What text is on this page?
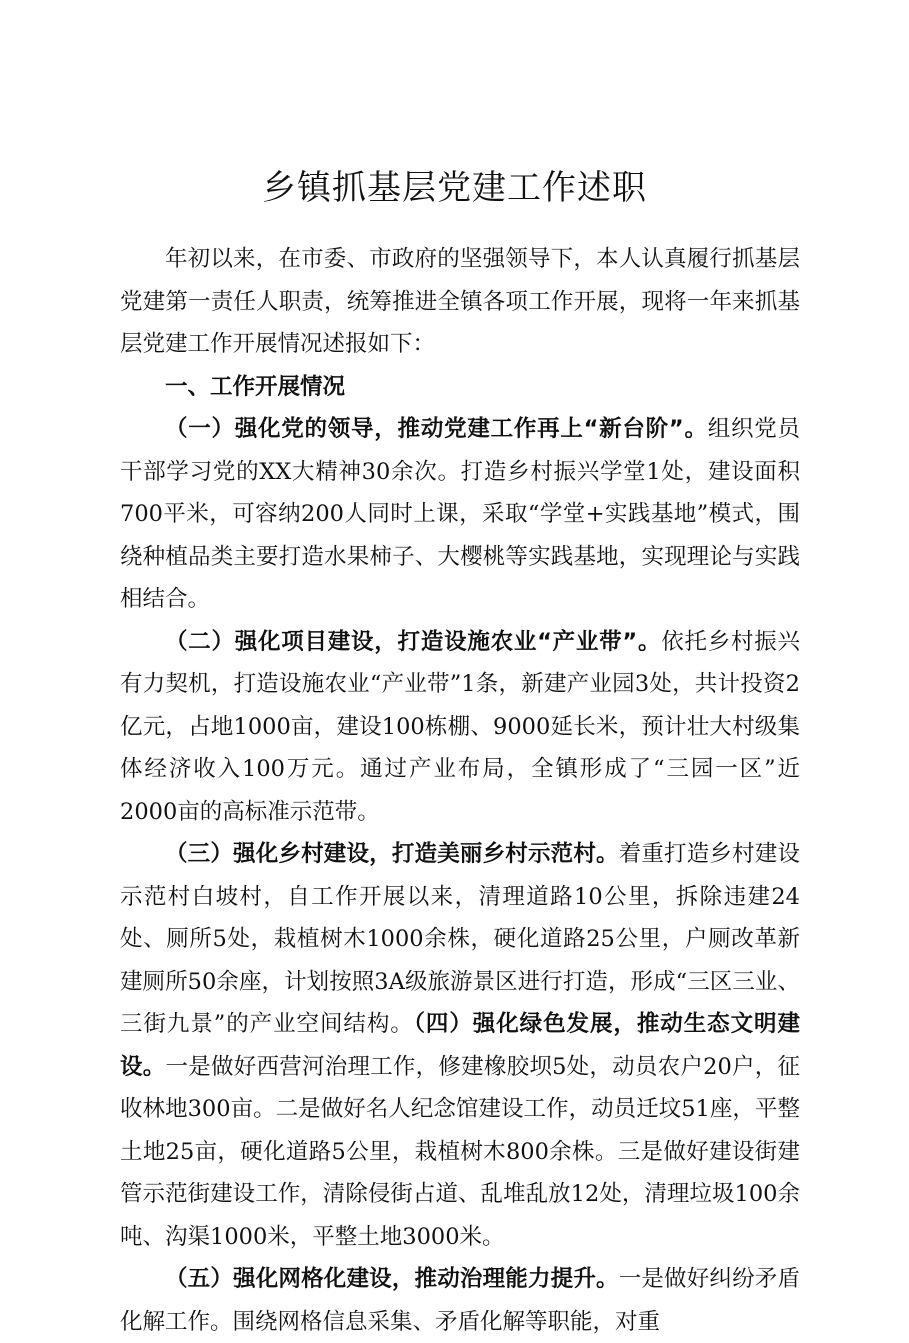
乡镇抓基层党建工作述职

年初以来，在市委、市政府的坚强领导下，本人认真履行抓基层党建第一责任人职责，统筹推进全镇各项工作开展，现将一年来抓基层党建工作开展情况述报如下：

一、工作开展情况

（一）强化党的领导，推动党建工作再上“新台阶”。组织党员干部学习党的XX大精神30余次。打造乡村振兴学堂1处，建设面积700平米，可容纳200人同时上课，采取“学堂+实践基地”模式，围绕种植品类主要打造水果柿子、大樱桃等实践基地，实现理论与实践相结合。

（二）强化项目建设，打造设施农业“产业带”。依托乡村振兴有力契机，打造设施农业“产业带”1条，新建产业园3处，共计投资2亿元，占地1000亩，建设100栋棚、9000延长米，预计壮大村级集体经济收入100万元。通过产业布局，全镇形成了“三园一区”近2000亩的高标准示范带。

（三）强化乡村建设，打造美丽乡村示范村。着重打造乡村建设示范村白坡村，自工作开展以来，清理道路10公里，拆除违建24处、厕所5处，栽植树木1000余株，硬化道路25公里，户厕改革新建厕所50余座，计划按照3A级旅游景区进行打造，形成“三区三业、三街九景”的产业空间结构。（四）强化绿色发展，推动生态文明建设。一是做好西营河治理工作，修建橡胶坝5处，动员农户20户，征收林地300亩。二是做好名人纪念馆建设工作，动员迁坟51座，平整土地25亩，硬化道路5公里，栽植树木800余株。三是做好建设街建管示范街建设工作，清除侵街占道、乱堆乱放12处，清理垃圾100余吨、沟渠1000米，平整土地3000米。

（五）强化网格化建设，推动治理能力提升。一是做好纠纷矛盾化解工作。围绕网格信息采集、矛盾化解等职能，对重
